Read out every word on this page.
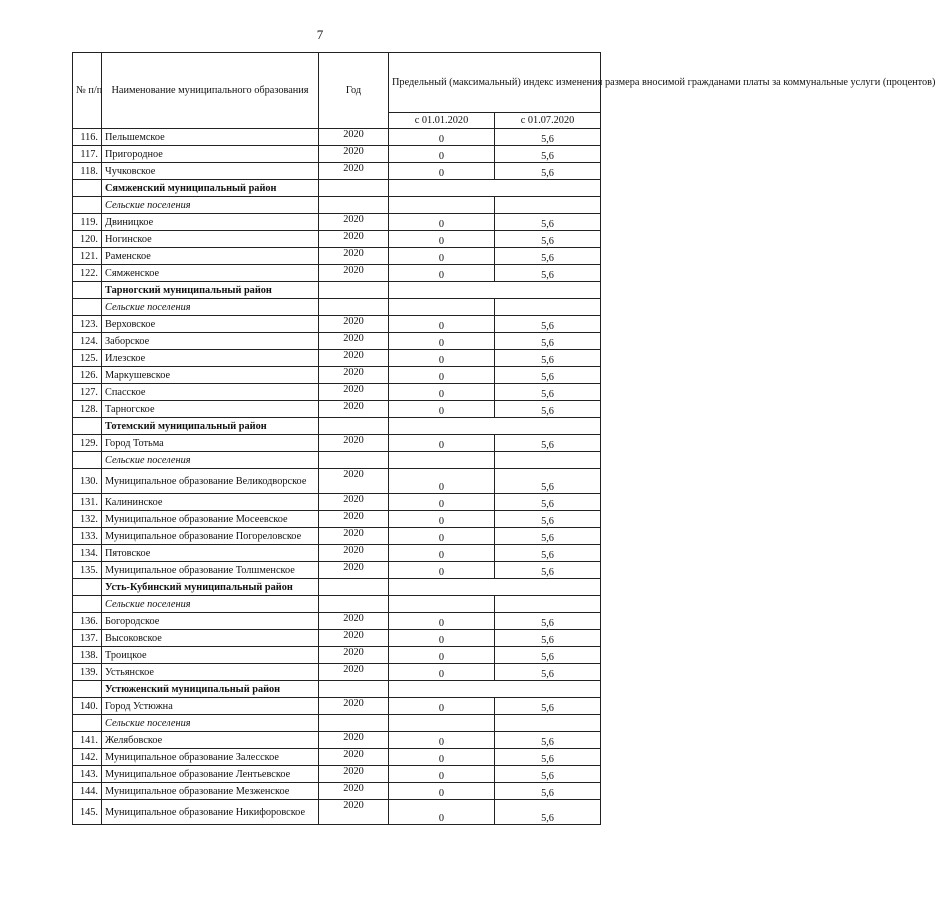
7
№ п/п	Наименование муниципального образования	Год	Предельный (максимальный) индекс изменения размера вносимой гражданами платы за коммунальные услуги (процентов)	
			с 01.01.2020	с 01.07.2020
116.	Пельшемское	2020	0	5,6
117.	Пригородное	2020	0	5,6
118.	Чучковское	2020	0	5,6
	Сямженский муниципальный район			
	Сельские поселения			
119.	Двиницкое	2020	0	5,6
120.	Ногинское	2020	0	5,6
121.	Раменское	2020	0	5,6
122.	Сямженское	2020	0	5,6
	Тарногский муниципальный район			
	Сельские поселения			
123.	Верховское	2020	0	5,6
124.	Заборское	2020	0	5,6
125.	Илезское	2020	0	5,6
126.	Маркушевское	2020	0	5,6
127.	Спасское	2020	0	5,6
128.	Тарногское	2020	0	5,6
	Тотемский муниципальный район			
129.	Город Тотьма	2020	0	5,6
	Сельские поселения			
130.	Муниципальное образование Великодворское	2020	0	5,6
131.	Калининское	2020	0	5,6
132.	Муниципальное образование Мосеевское	2020	0	5,6
133.	Муниципальное образование Погореловское	2020	0	5,6
134.	Пятовское	2020	0	5,6
135.	Муниципальное образование Толшменское	2020	0	5,6
	Усть-Кубинский муниципальный район			
	Сельские поселения			
136.	Богородское	2020	0	5,6
137.	Высоковское	2020	0	5,6
138.	Троицкое	2020	0	5,6
139.	Устьянское	2020	0	5,6
	Устюженский муниципальный район			
140.	Город Устюжна	2020	0	5,6
	Сельские поселения			
141.	Желябовское	2020	0	5,6
142.	Муниципальное образование Залесское	2020	0	5,6
143.	Муниципальное образование Лентьевское	2020	0	5,6
144.	Муниципальное образование Мезженское	2020	0	5,6
145.	Муниципальное образование Никифоровское	2020	0	5,6
